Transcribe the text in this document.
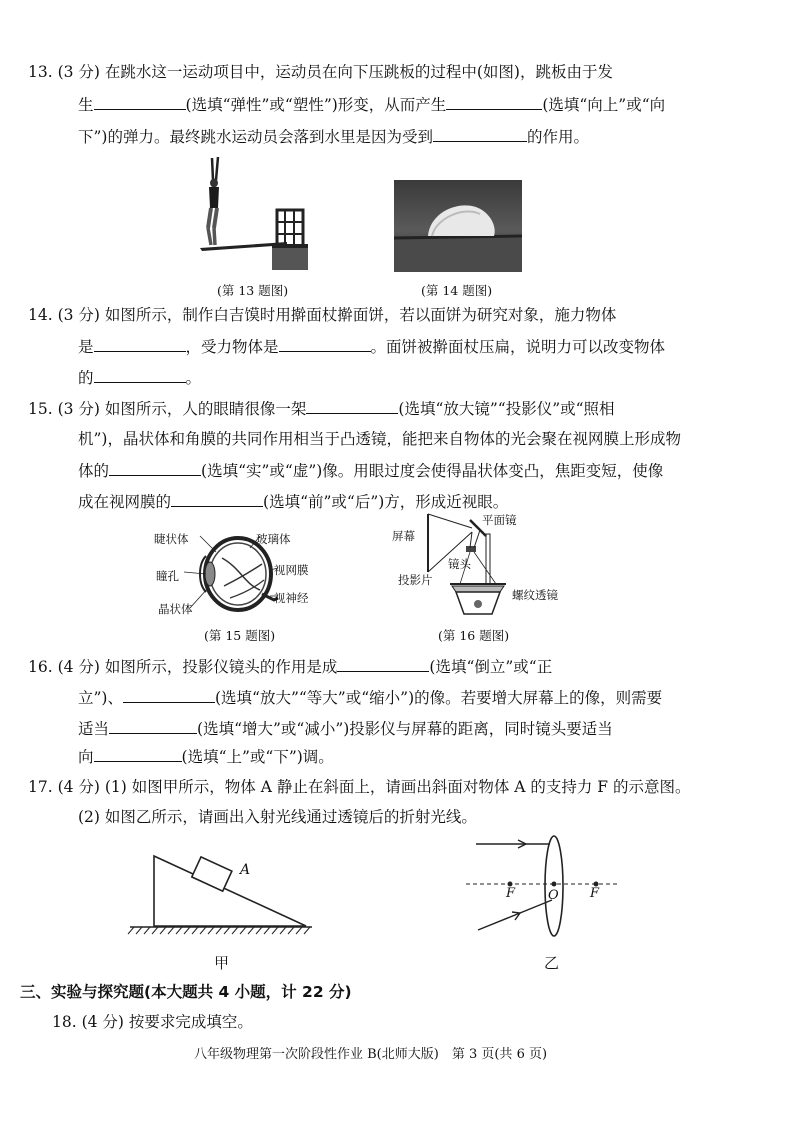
13. (3 分) 在跳水这一运动项目中，运动员在向下压跳板的过程中(如图)，跳板由于发
生	(选填“弹性”或“塑性”)形变，从而产生	(选填“向上”或“向
下”)的弹力。最终跳水运动员会落到水里是因为受到	的作用。
(第 13 题图)	(第 14 题图)
14. (3 分) 如图所示，制作白吉馍时用擀面杖擀面饼，若以面饼为研究对象，施力物体
是	，受力物体是	。面饼被擀面杖压扁，说明力可以改变物体
的	。
15. (3 分) 如图所示，人的眼睛很像一架	(选填“放大镜”“投影仪”或“照相
机”)，晶状体和角膜的共同作用相当于凸透镜，能把来自物体的光会聚在视网膜上形成物
体的	(选填“实”或“虚”)像。用眼过度会使得晶状体变凸，焦距变短，使像
成在视网膜的	(选填“前”或“后”)方，形成近视眼。
睫状体	玻璃体
视网膜
瞳孔
视神经
晶状体
(第 15 题图)
屏幕
平面镜
镜头
投影片
螺纹透镜
(第 16 题图)
16. (4 分) 如图所示，投影仪镜头的作用是成	(选填“倒立”或“正
立”)、	(选填“放大”“等大”或“缩小”)的像。若要增大屏幕上的像，则需要
适当	(选填“增大”或“减小”)投影仪与屏幕的距离，同时镜头要适当
向	(选填“上”或“下”)调。
17. (4 分) (1) 如图甲所示，物体 A 静止在斜面上，请画出斜面对物体 A 的支持力 F 的示意图。
(2) 如图乙所示，请画出入射光线通过透镜后的折射光线。
A
甲
F	O F
乙
三、实验与探究题(本大题共 4 小题，计 22 分)
18. (4 分) 按要求完成填空。
八年级物理第一次阶段性作业 B(北师大版)　第 3 页(共 6 页)
